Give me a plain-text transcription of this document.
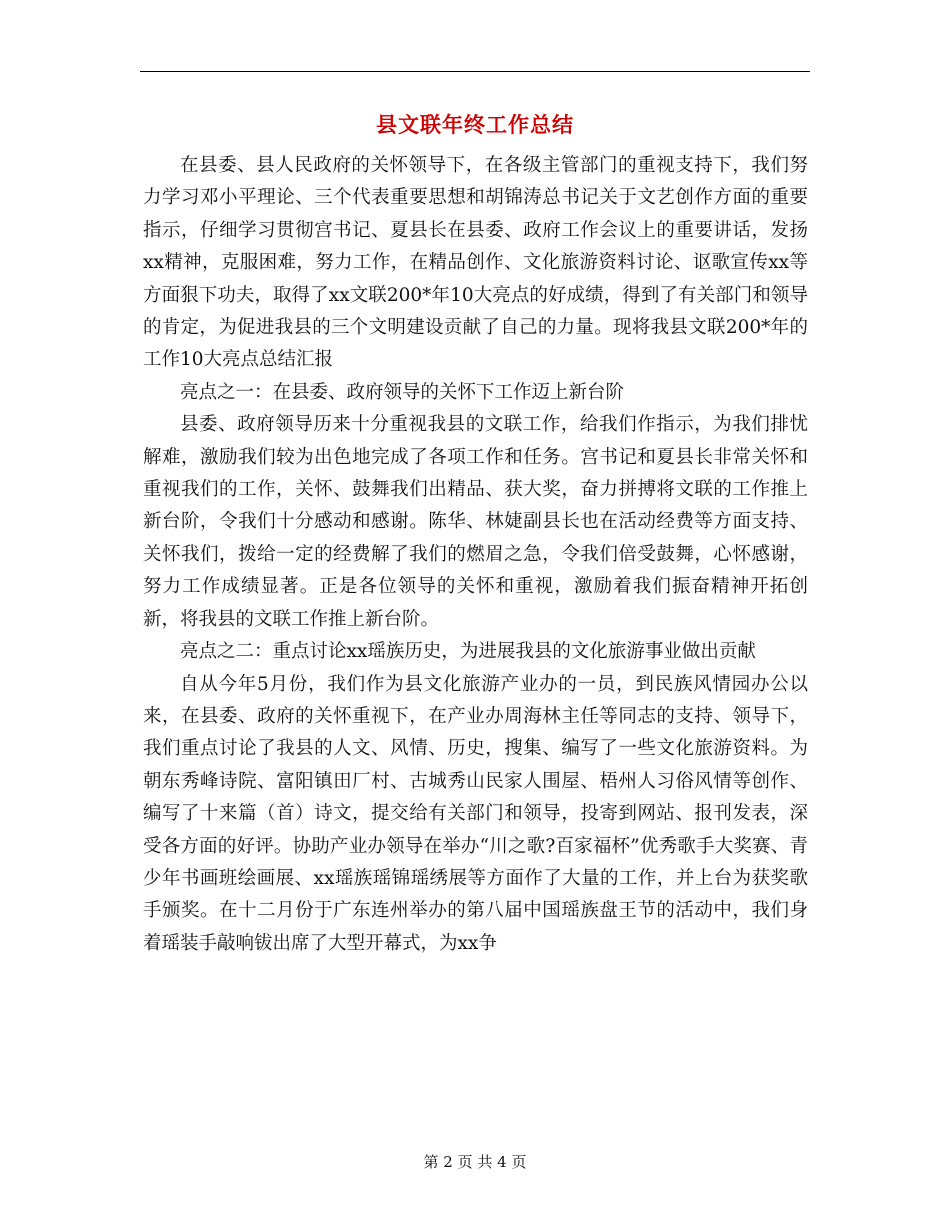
县文联年终工作总结

在县委、县人民政府的关怀领导下，在各级主管部门的重视支持下，我们努力学习邓小平理论、三个代表重要思想和胡锦涛总书记关于文艺创作方面的重要指示，仔细学习贯彻宫书记、夏县长在县委、政府工作会议上的重要讲话，发扬xx精神，克服困难，努力工作，在精品创作、文化旅游资料讨论、讴歌宣传xx等方面狠下功夫，取得了xx文联200*年10大亮点的好成绩，得到了有关部门和领导的肯定，为促进我县的三个文明建设贡献了自己的力量。现将我县文联200*年的工作10大亮点总结汇报

亮点之一：在县委、政府领导的关怀下工作迈上新台阶

县委、政府领导历来十分重视我县的文联工作，给我们作指示，为我们排忧解难，激励我们较为出色地完成了各项工作和任务。宫书记和夏县长非常关怀和重视我们的工作，关怀、鼓舞我们出精品、获大奖，奋力拼搏将文联的工作推上新台阶，令我们十分感动和感谢。陈华、林婕副县长也在活动经费等方面支持、关怀我们，拨给一定的经费解了我们的燃眉之急，令我们倍受鼓舞，心怀感谢，努力工作成绩显著。正是各位领导的关怀和重视，激励着我们振奋精神开拓创新，将我县的文联工作推上新台阶。

亮点之二：重点讨论xx瑶族历史，为进展我县的文化旅游事业做出贡献

自从今年5月份，我们作为县文化旅游产业办的一员，到民族风情园办公以来，在县委、政府的关怀重视下，在产业办周海林主任等同志的支持、领导下，我们重点讨论了我县的人文、风情、历史，搜集、编写了一些文化旅游资料。为朝东秀峰诗院、富阳镇田厂村、古城秀山民家人围屋、梧州人习俗风情等创作、编写了十来篇（首）诗文，提交给有关部门和领导，投寄到网站、报刊发表，深受各方面的好评。协助产业办领导在举办“川之歌?百家福杯”优秀歌手大奖赛、青少年书画班绘画展、xx瑶族瑶锦瑶绣展等方面作了大量的工作，并上台为获奖歌手颁奖。在十二月份于广东连州举办的第八届中国瑶族盘王节的活动中，我们身着瑶装手敲响钹出席了大型开幕式，为xx争

第 2 页 共 4 页
